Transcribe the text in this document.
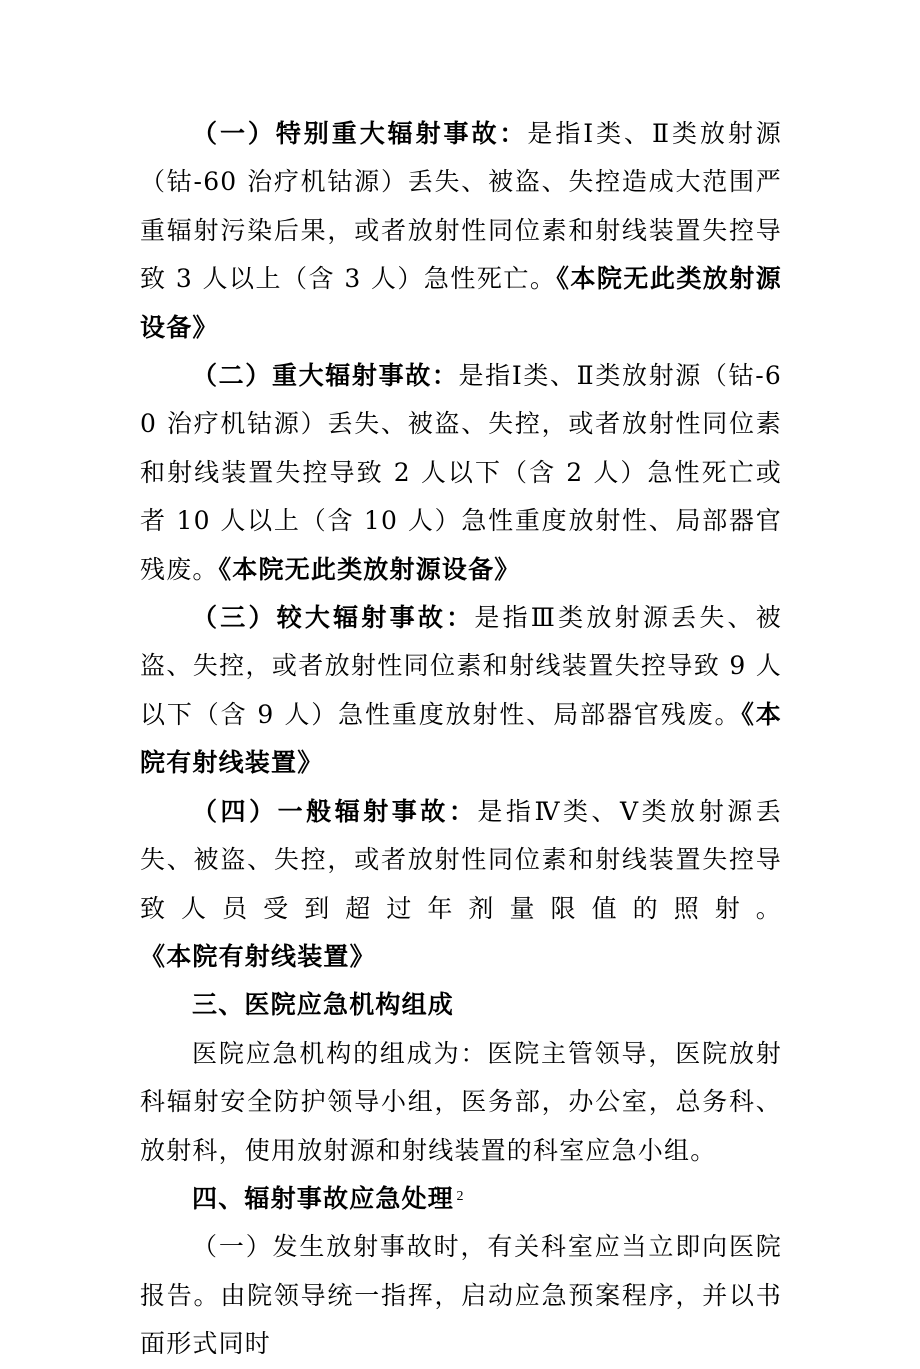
（一）特别重大辐射事故：是指Ⅰ类、Ⅱ类放射源（钴-60 治疗机钴源）丢失、被盗、失控造成大范围严重辐射污染后果，或者放射性同位素和射线装置失控导致 3 人以上（含 3 人）急性死亡。《本院无此类放射源设备》

（二）重大辐射事故：是指Ⅰ类、Ⅱ类放射源（钴-60 治疗机钴源）丢失、被盗、失控，或者放射性同位素和射线装置失控导致 2 人以下（含 2 人）急性死亡或者 10 人以上（含 10 人）急性重度放射性、局部器官残废。《本院无此类放射源设备》

（三）较大辐射事故：是指Ⅲ类放射源丢失、被盗、失控，或者放射性同位素和射线装置失控导致 9 人以下（含 9 人）急性重度放射性、局部器官残废。《本院有射线装置》

（四）一般辐射事故：是指Ⅳ类、Ⅴ类放射源丢失、被盗、失控，或者放射性同位素和射线装置失控导致人员受到超过年剂量限值的照射。《本院有射线装置》

三、医院应急机构组成

医院应急机构的组成为：医院主管领导，医院放射科辐射安全防护领导小组，医务部，办公室，总务科、放射科，使用放射源和射线装置的科室应急小组。

四、辐射事故应急处理

（一）发生放射事故时，有关科室应当立即向医院报告。由院领导统一指挥，启动应急预案程序，并以书面形式同时

2
